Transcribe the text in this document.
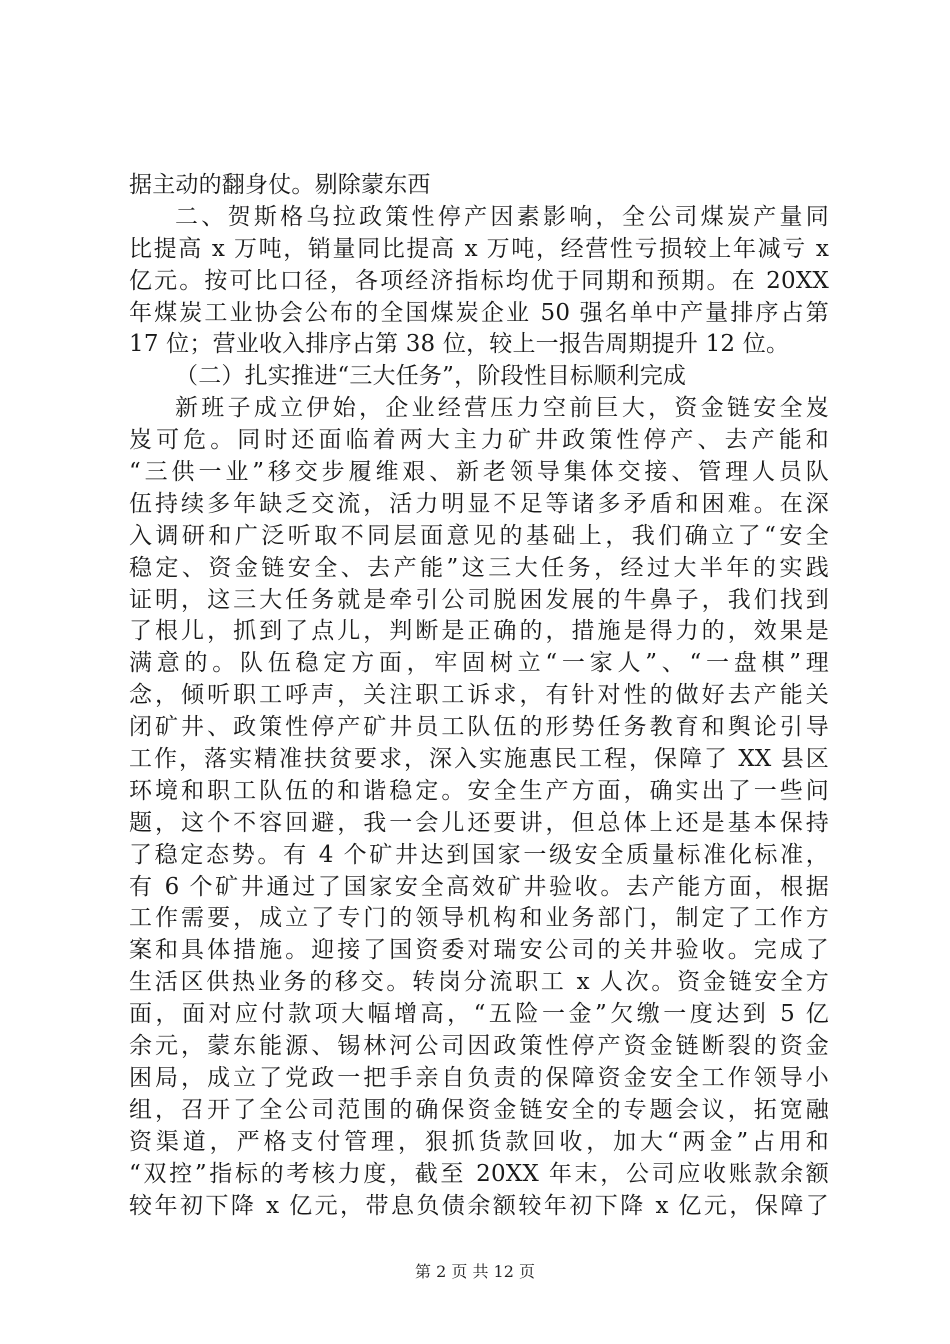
据主动的翻身仗。剔除蒙东西
二、贺斯格乌拉政策性停产因素影响，全公司煤炭产量同
比提高 x 万吨，销量同比提高 x 万吨，经营性亏损较上年减亏 x
亿元。按可比口径，各项经济指标均优于同期和预期。在 20XX
年煤炭工业协会公布的全国煤炭企业 50 强名单中产量排序占第
17 位；营业收入排序占第 38 位，较上一报告周期提升 12 位。
（二）扎实推进“三大任务”，阶段性目标顺利完成
新班子成立伊始，企业经营压力空前巨大，资金链安全岌
岌可危。同时还面临着两大主力矿井政策性停产、去产能和
“三供一业”移交步履维艰、新老领导集体交接、管理人员队
伍持续多年缺乏交流，活力明显不足等诸多矛盾和困难。在深
入调研和广泛听取不同层面意见的基础上，我们确立了“安全
稳定、资金链安全、去产能”这三大任务，经过大半年的实践
证明，这三大任务就是牵引公司脱困发展的牛鼻子，我们找到
了根儿，抓到了点儿，判断是正确的，措施是得力的，效果是
满意的。队伍稳定方面，牢固树立“一家人”、“一盘棋”理
念，倾听职工呼声，关注职工诉求，有针对性的做好去产能关
闭矿井、政策性停产矿井员工队伍的形势任务教育和舆论引导
工作，落实精准扶贫要求，深入实施惠民工程，保障了 XX 县区
环境和职工队伍的和谐稳定。安全生产方面，确实出了一些问
题，这个不容回避，我一会儿还要讲，但总体上还是基本保持
了稳定态势。有 4 个矿井达到国家一级安全质量标准化标准，
有 6 个矿井通过了国家安全高效矿井验收。去产能方面，根据
工作需要，成立了专门的领导机构和业务部门，制定了工作方
案和具体措施。迎接了国资委对瑞安公司的关井验收。完成了
生活区供热业务的移交。转岗分流职工 x 人次。资金链安全方
面，面对应付款项大幅增高，“五险一金”欠缴一度达到 5 亿
余元，蒙东能源、锡林河公司因政策性停产资金链断裂的资金
困局，成立了党政一把手亲自负责的保障资金安全工作领导小
组，召开了全公司范围的确保资金链安全的专题会议，拓宽融
资渠道，严格支付管理，狠抓货款回收，加大“两金”占用和
“双控”指标的考核力度，截至 20XX 年末，公司应收账款余额
较年初下降 x 亿元，带息负债余额较年初下降 x 亿元，保障了
第 2 页 共 12 页
